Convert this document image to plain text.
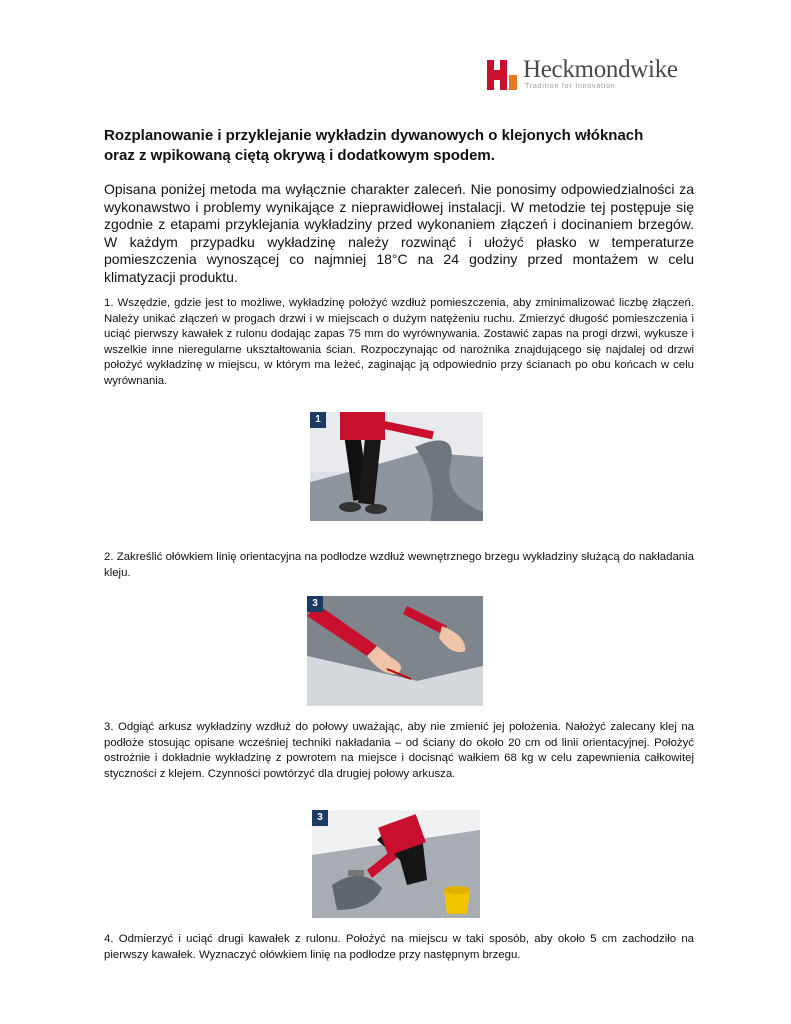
Heckmondwike
Tradition for Innovation
Rozplanowanie i przyklejanie wykładzin dywanowych o klejonych włóknach
oraz z wpikowaną ciętą okrywą i dodatkowym spodem.

Opisana poniżej metoda ma wyłącznie charakter zaleceń. Nie ponosimy odpowiedzialności za wykonawstwo i problemy wynikające z nieprawidłowej instalacji. W metodzie tej postępuje się zgodnie z etapami przyklejania wykładziny przed wykonaniem złączeń i docinaniem brzegów. W każdym przypadku wykładzinę należy rozwinąć i ułożyć płasko w temperaturze pomieszczenia wynoszącej co najmniej 18°C na 24 godziny przed montażem w celu klimatyzacji produktu.

1. Wszędzie, gdzie jest to możliwe, wykładzinę położyć wzdłuż pomieszczenia, aby zminimalizować liczbę złączeń. Należy unikać złączeń w progach drzwi i w miejscach o dużym natężeniu ruchu. Zmierzyć długość pomieszczenia i uciąć pierwszy kawałek z rulonu dodając zapas 75 mm do wyrównywania. Zostawić zapas na progi drzwi, wykusze i wszelkie inne nieregularne ukształtowania ścian. Rozpoczynając od narożnika znajdującego się najdalej od drzwi położyć wykładzinę w miejscu, w którym ma leżeć, zaginając ją odpowiednio przy ścianach po obu końcach w celu wyrównania.

1

2. Zakreślić ołówkiem linię orientacyjna na podłodze wzdłuż wewnętrznego brzegu wykładziny służącą do nakładania kleju.

3

3. Odgiąć arkusz wykładziny wzdłuż do połowy uważając, aby nie zmienić jej położenia. Nałożyć zalecany klej na podłoże stosując opisane wcześniej techniki nakładania – od ściany do około 20 cm od linii orientacyjnej. Położyć ostrożnie i dokładnie wykładzinę z powrotem na miejsce i docisnąć wałkiem 68 kg w celu zapewnienia całkowitej styczności z klejem. Czynności powtórzyć dla drugiej połowy arkusza.

3

4. Odmierzyć i uciąć drugi kawałek z rulonu. Położyć na miejscu w taki sposób, aby około 5 cm zachodziło na pierwszy kawałek. Wyznaczyć ołówkiem linię na podłodze przy następnym brzegu.
